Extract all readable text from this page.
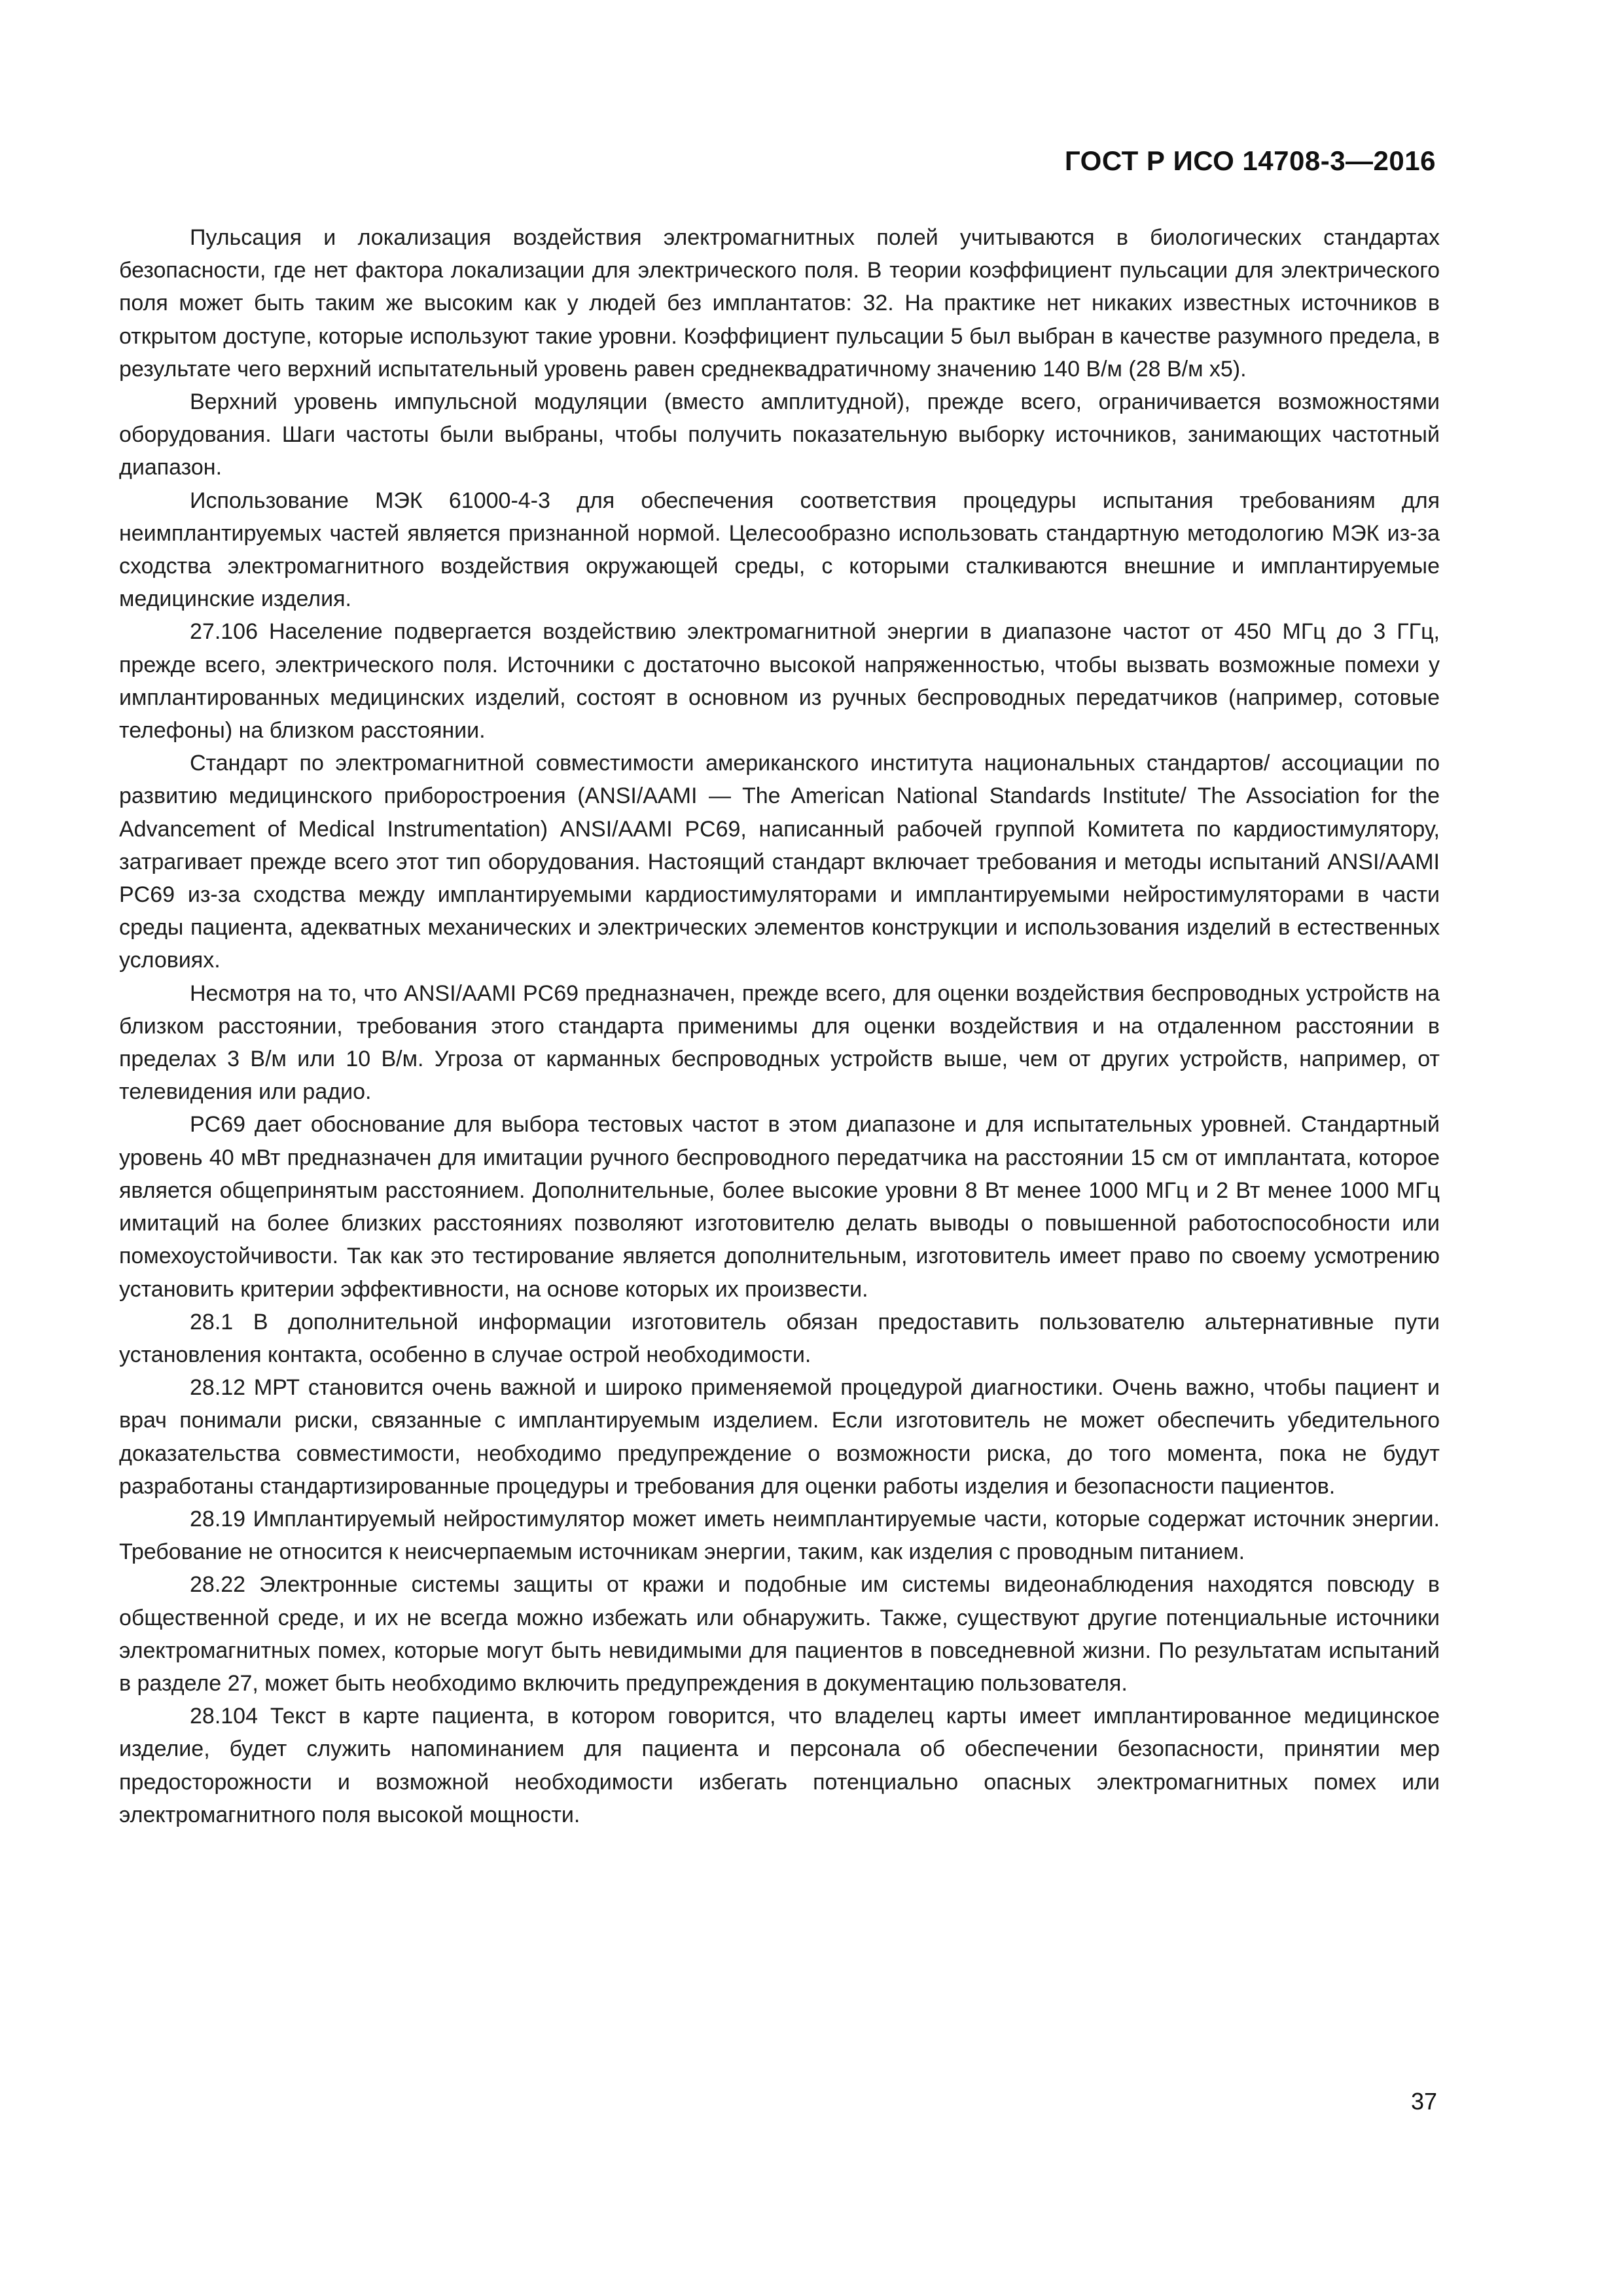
ГОСТ Р ИСО 14708-3—2016

Пульсация и локализация воздействия электромагнитных полей учитываются в биологических стандартах безопасности, где нет фактора локализации для электрического поля. В теории коэффициент пульсации для электрического поля может быть таким же высоким как у людей без имплантатов: 32. На практике нет никаких известных источников в открытом доступе, которые используют такие уровни. Коэффициент пульсации 5 был выбран в качестве разумного предела, в результате чего верхний испытательный уровень равен среднеквадратичному значению 140 В/м (28 В/м x5).

Верхний уровень импульсной модуляции (вместо амплитудной), прежде всего, ограничивается возможностями оборудования. Шаги частоты были выбраны, чтобы получить показательную выборку источников, занимающих частотный диапазон.

Использование МЭК 61000-4-3 для обеспечения соответствия процедуры испытания требованиям для неимплантируемых частей является признанной нормой. Целесообразно использовать стандартную методологию МЭК из-за сходства электромагнитного воздействия окружающей среды, с которыми сталкиваются внешние и имплантируемые медицинские изделия.

27.106 Население подвергается воздействию электромагнитной энергии в диапазоне частот от 450 МГц до 3 ГГц, прежде всего, электрического поля. Источники с достаточно высокой напряженностью, чтобы вызвать возможные помехи у имплантированных медицинских изделий, состоят в основном из ручных беспроводных передатчиков (например, сотовые телефоны) на близком расстоянии.

Стандарт по электромагнитной совместимости американского института национальных стандартов/ ассоциации по развитию медицинского приборостроения (ANSI/AAMI — The American National Standards Institute/ The Association for the Advancement of Medical Instrumentation) ANSI/AAMI PC69, написанный рабочей группой Комитета по кардиостимулятору, затрагивает прежде всего этот тип оборудования. Настоящий стандарт включает требования и методы испытаний ANSI/AAMI PC69 из-за сходства между имплантируемыми кардиостимуляторами и имплантируемыми нейростимуляторами в части среды пациента, адекватных механических и электрических элементов конструкции и использования изделий в естественных условиях.

Несмотря на то, что ANSI/AAMI PC69 предназначен, прежде всего, для оценки воздействия беспроводных устройств на близком расстоянии, требования этого стандарта применимы для оценки воздействия и на отдаленном расстоянии в пределах 3 В/м или 10 В/м. Угроза от карманных беспроводных устройств выше, чем от других устройств, например, от телевидения или радио.

PC69 дает обоснование для выбора тестовых частот в этом диапазоне и для испытательных уровней. Стандартный уровень 40 мВт предназначен для имитации ручного беспроводного передатчика на расстоянии 15 см от имплантата, которое является общепринятым расстоянием. Дополнительные, более высокие уровни 8 Вт менее 1000 МГц и 2 Вт менее 1000 МГц имитаций на более близких расстояниях позволяют изготовителю делать выводы о повышенной работоспособности или помехоустойчивости. Так как это тестирование является дополнительным, изготовитель имеет право по своему усмотрению установить критерии эффективности, на основе которых их произвести.

28.1 В дополнительной информации изготовитель обязан предоставить пользователю альтернативные пути установления контакта, особенно в случае острой необходимости.

28.12 МРТ становится очень важной и широко применяемой процедурой диагностики. Очень важно, чтобы пациент и врач понимали риски, связанные с имплантируемым изделием. Если изготовитель не может обеспечить убедительного доказательства совместимости, необходимо предупреждение о возможности риска, до того момента, пока не будут разработаны стандартизированные процедуры и требования для оценки работы изделия и безопасности пациентов.

28.19 Имплантируемый нейростимулятор может иметь неимплантируемые части, которые содержат источник энергии. Требование не относится к неисчерпаемым источникам энергии, таким, как изделия с проводным питанием.

28.22 Электронные системы защиты от кражи и подобные им системы видеонаблюдения находятся повсюду в общественной среде, и их не всегда можно избежать или обнаружить. Также, существуют другие потенциальные источники электромагнитных помех, которые могут быть невидимыми для пациентов в повседневной жизни. По результатам испытаний в разделе 27, может быть необходимо включить предупреждения в документацию пользователя.

28.104 Текст в карте пациента, в котором говорится, что владелец карты имеет имплантированное медицинское изделие, будет служить напоминанием для пациента и персонала об обеспечении безопасности, принятии мер предосторожности и возможной необходимости избегать потенциально опасных электромагнитных помех или электромагнитного поля высокой мощности.

37
